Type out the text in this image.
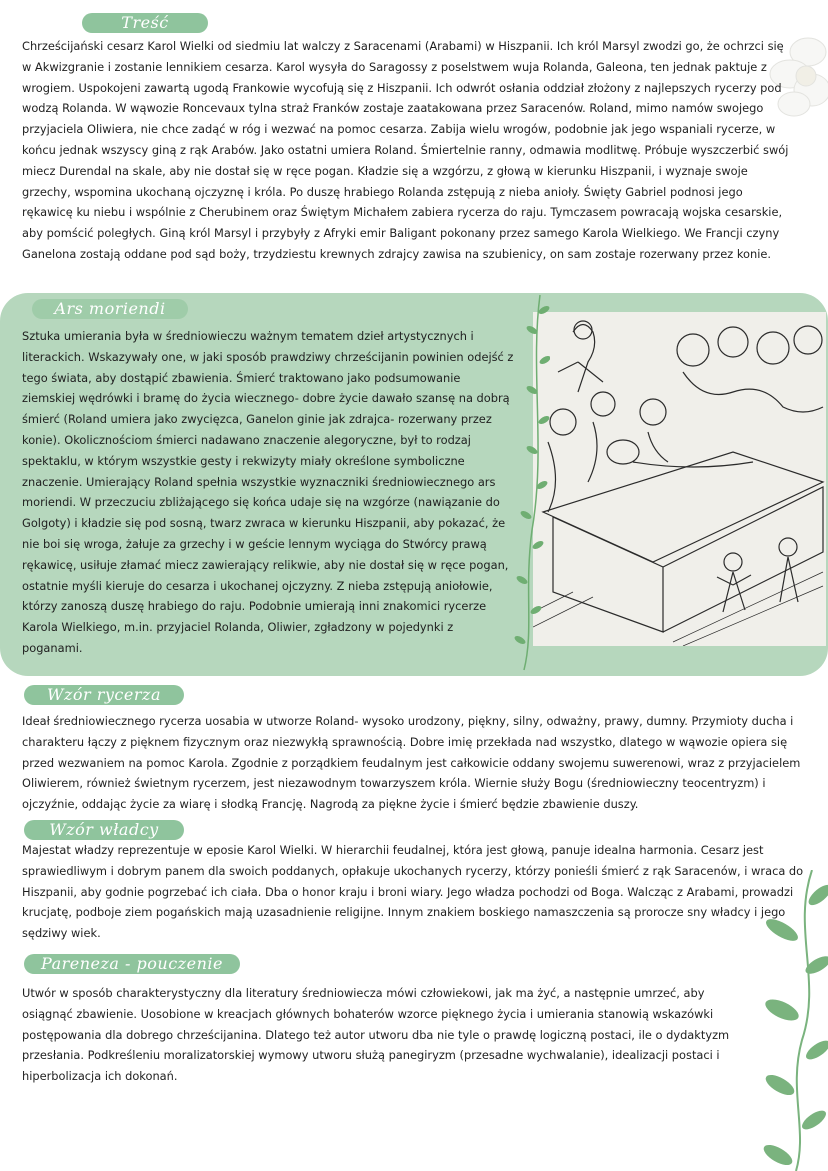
Treść

Chrześcijański cesarz Karol Wielki od siedmiu lat walczy z Saracenami (Arabami) w Hiszpanii. Ich król Marsyl zwodzi go, że ochrzci się w Akwizgranie i zostanie lennikiem cesarza. Karol wysyła do Saragossy z poselstwem wuja Rolanda, Galeona, ten jednak paktuje z wrogiem. Uspokojeni zawartą ugodą Frankowie wycofują się z Hiszpanii. Ich odwrót osłania oddział złożony z najlepszych rycerzy pod wodzą Rolanda. W wąwozie Roncevaux tylna straż Franków zostaje zaatakowana przez Saracenów. Roland, mimo namów swojego przyjaciela Oliwiera, nie chce zadąć w róg i wezwać na pomoc cesarza. Zabija wielu wrogów, podobnie jak jego wspaniali rycerze, w końcu jednak wszyscy giną z rąk Arabów. Jako ostatni umiera Roland. Śmiertelnie ranny, odmawia modlitwę. Próbuje wyszczerbić swój miecz Durendal na skale, aby nie dostał się w ręce pogan. Kładzie się a wzgórzu, z głową w kierunku Hiszpanii, i wyznaje swoje grzechy, wspomina ukochaną ojczyznę i króla. Po duszę hrabiego Rolanda zstępują z nieba anioły. Święty Gabriel podnosi jego rękawicę ku niebu i wspólnie z Cherubinem oraz Świętym Michałem zabiera rycerza do raju. Tymczasem powracają wojska cesarskie, aby pomścić poległych. Giną król Marsyl i przybyły z Afryki emir Baligant pokonany przez samego Karola Wielkiego. We Francji czyny Ganelona zostają oddane pod sąd boży, trzydziestu krewnych zdrajcy zawisa na szubienicy, on sam zostaje rozerwany przez konie.

Ars moriendi

Sztuka umierania była w średniowieczu ważnym tematem dzieł artystycznych i literackich. Wskazywały one, w jaki sposób prawdziwy chrześcijanin powinien odejść z tego świata, aby dostąpić zbawienia. Śmierć traktowano jako podsumowanie ziemskiej wędrówki i bramę do życia wiecznego- dobre życie dawało szansę na dobrą śmierć (Roland umiera jako zwycięzca, Ganelon ginie jak zdrajca- rozerwany przez konie). Okolicznościom śmierci nadawano znaczenie alegoryczne, był to rodzaj spektaklu, w którym wszystkie gesty i rekwizyty miały określone symboliczne znaczenie. Umierający Roland spełnia wszystkie wyznaczniki średniowiecznego ars moriendi. W przeczuciu zbliżającego się końca udaje się na wzgórze (nawiązanie do Golgoty) i kładzie się pod sosną, twarz zwraca w kierunku Hiszpanii, aby pokazać, że nie boi się wroga, żałuje za grzechy i w geście lennym wyciąga do Stwórcy prawą rękawicę, usiłuje złamać miecz zawierający relikwie, aby nie dostał się w ręce pogan, ostatnie myśli kieruje do cesarza i ukochanej ojczyzny. Z nieba zstępują aniołowie, którzy zanoszą duszę hrabiego do raju. Podobnie umierają inni znakomici rycerze Karola Wielkiego, m.in. przyjaciel Rolanda, Oliwier, zgładzony w pojedynki z poganami.

Wzór rycerza

Ideał średniowiecznego rycerza uosabia w utworze Roland- wysoko urodzony, piękny, silny, odważny, prawy, dumny. Przymioty ducha i charakteru łączy z pięknem fizycznym oraz niezwykłą sprawnością. Dobre imię przekłada nad wszystko, dlatego w wąwozie opiera się przed wezwaniem na pomoc Karola. Zgodnie z porządkiem feudalnym jest całkowicie oddany swojemu suwerenowi, wraz z przyjacielem Oliwierem, również świetnym rycerzem, jest niezawodnym towarzyszem króla. Wiernie służy Bogu (średniowieczny teocentryzm) i ojczyźnie, oddając życie za wiarę i słodką Francję. Nagrodą za piękne życie i śmierć będzie zbawienie duszy.

Wzór władcy

Majestat władzy reprezentuje w eposie Karol Wielki. W hierarchii feudalnej, która jest głową, panuje idealna harmonia. Cesarz jest sprawiedliwym i dobrym panem dla swoich poddanych, opłakuje ukochanych rycerzy, którzy ponieśli śmierć z rąk Saracenów, i wraca do Hiszpanii, aby godnie pogrzebać ich ciała. Dba o honor kraju i broni wiary. Jego władza pochodzi od Boga. Walcząc z Arabami, prowadzi krucjatę, podboje ziem pogańskich mają uzasadnienie religijne. Innym znakiem boskiego namaszczenia są prorocze sny władcy i jego sędziwy wiek.

Pareneza - pouczenie

Utwór w sposób charakterystyczny dla literatury średniowiecza mówi człowiekowi, jak ma żyć, a następnie umrzeć, aby osiągnąć zbawienie. Uosobione w kreacjach głównych bohaterów wzorce pięknego życia i umierania stanowią wskazówki postępowania dla dobrego chrześcijanina. Dlatego też autor utworu dba nie tyle o prawdę logiczną postaci, ile o dydaktyzm przesłania. Podkreśleniu moralizatorskiej wymowy utworu służą panegiryzm (przesadne wychwalanie), idealizacji postaci i hiperbolizacja ich dokonań.
